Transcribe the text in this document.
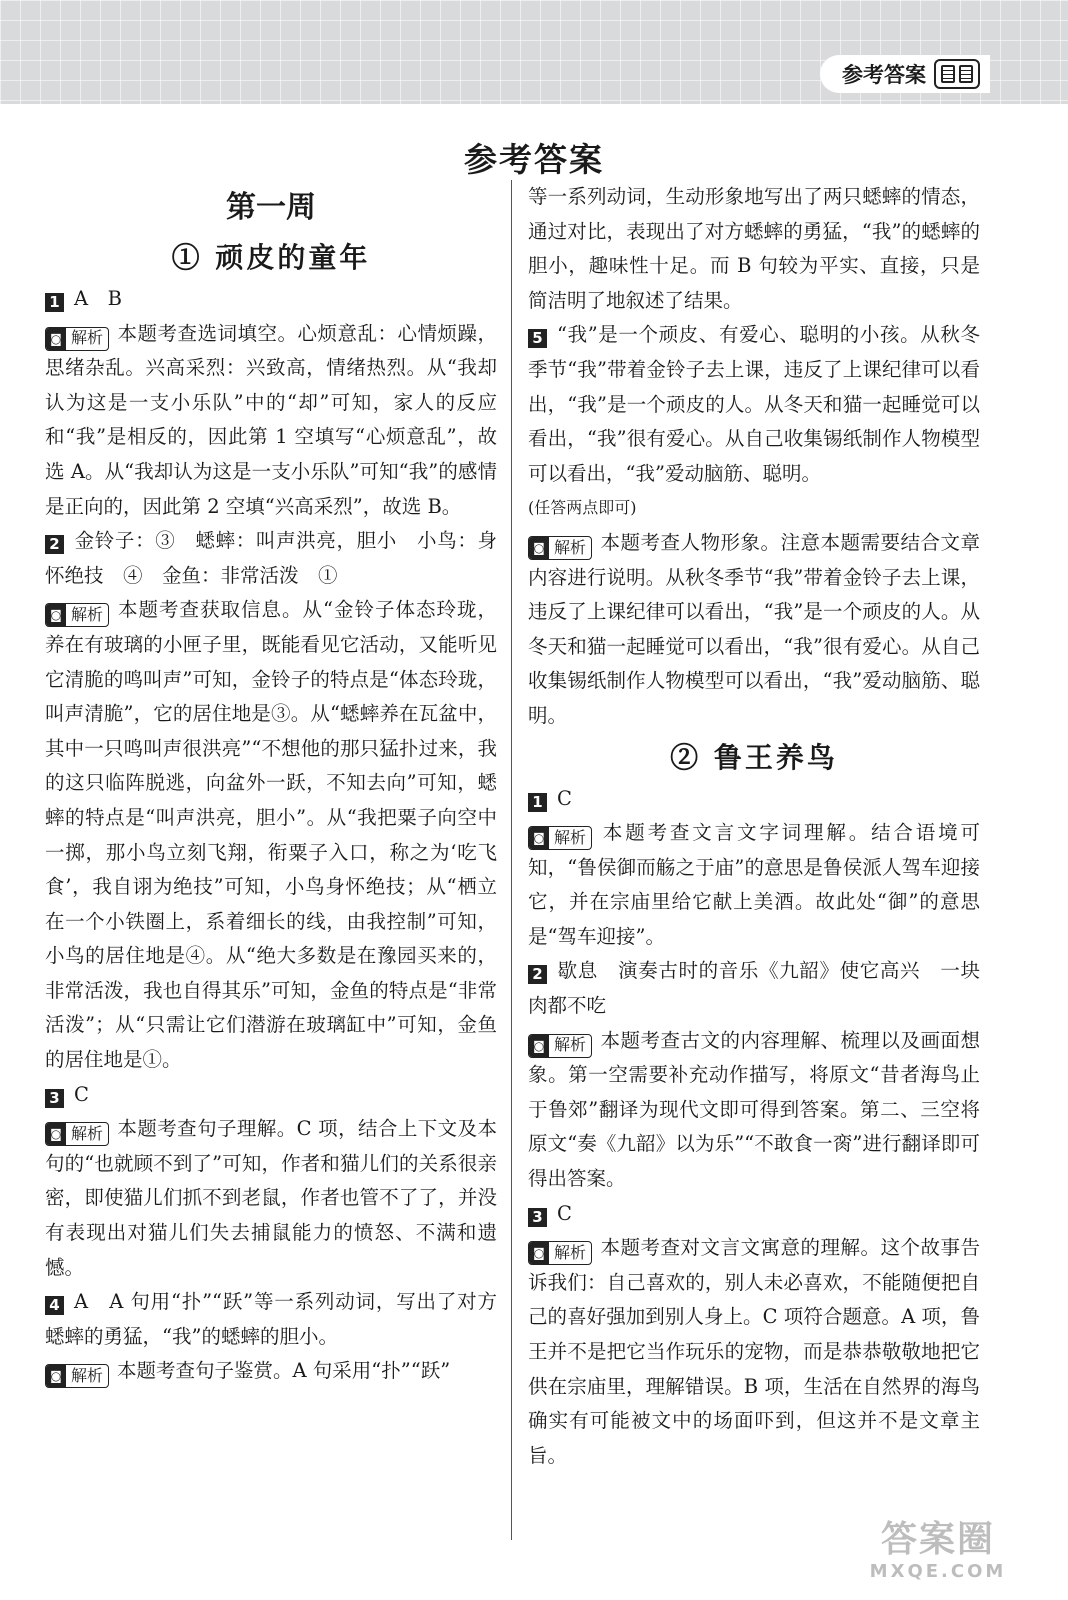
参考答案
参考答案
第一周
① 顽皮的童年

1 A　B

◙ 解析 本题考查选词填空。心烦意乱：心情烦躁，思绪杂乱。兴高采烈：兴致高，情绪热烈。从“我却认为这是一支小乐队”中的“却”可知，家人的反应和“我”是相反的，因此第 1 空填写“心烦意乱”，故选 A。从“我却认为这是一支小乐队”可知“我”的感情是正向的，因此第 2 空填“兴高采烈”，故选 B。

2 金铃子：③　蟋蟀：叫声洪亮，胆小　小鸟：身怀绝技　④　金鱼：非常活泼　①

◙ 解析 本题考查获取信息。从“金铃子体态玲珑，养在有玻璃的小匣子里，既能看见它活动，又能听见它清脆的鸣叫声”可知，金铃子的特点是“体态玲珑，叫声清脆”，它的居住地是③。从“蟋蟀养在瓦盆中，其中一只鸣叫声很洪亮”“不想他的那只猛扑过来，我的这只临阵脱逃，向盆外一跃，不知去向”可知，蟋蟀的特点是“叫声洪亮，胆小”。从“我把粟子向空中一掷，那小鸟立刻飞翔，衔粟子入口，称之为‘吃飞食’，我自诩为绝技”可知，小鸟身怀绝技；从“栖立在一个小铁圈上，系着细长的线，由我控制”可知，小鸟的居住地是④。从“绝大多数是在豫园买来的，非常活泼，我也自得其乐”可知，金鱼的特点是“非常活泼”；从“只需让它们潜游在玻璃缸中”可知，金鱼的居住地是①。

3 C

◙ 解析 本题考查句子理解。C 项，结合上下文及本句的“也就顾不到了”可知，作者和猫儿们的关系很亲密，即使猫儿们抓不到老鼠，作者也管不了了，并没有表现出对猫儿们失去捕鼠能力的愤怒、不满和遗憾。

4 A　A 句用“扑”“跃”等一系列动词，写出了对方蟋蟀的勇猛，“我”的蟋蟀的胆小。

◙ 解析 本题考查句子鉴赏。A 句采用“扑”“跃”

等一系列动词，生动形象地写出了两只蟋蟀的情态，通过对比，表现出了对方蟋蟀的勇猛，“我”的蟋蟀的胆小，趣味性十足。而 B 句较为平实、直接，只是简洁明了地叙述了结果。

5 “我”是一个顽皮、有爱心、聪明的小孩。从秋冬季节“我”带着金铃子去上课，违反了上课纪律可以看出，“我”是一个顽皮的人。从冬天和猫一起睡觉可以看出，“我”很有爱心。从自己收集锡纸制作人物模型可以看出，“我”爱动脑筋、聪明。

(任答两点即可)

◙ 解析 本题考查人物形象。注意本题需要结合文章内容进行说明。从秋冬季节“我”带着金铃子去上课，违反了上课纪律可以看出，“我”是一个顽皮的人。从冬天和猫一起睡觉可以看出，“我”很有爱心。从自己收集锡纸制作人物模型可以看出，“我”爱动脑筋、聪明。

② 鲁王养鸟

1 C

◙ 解析 本题考查文言文字词理解。结合语境可知，“鲁侯御而觞之于庙”的意思是鲁侯派人驾车迎接它，并在宗庙里给它献上美酒。故此处“御”的意思是“驾车迎接”。

2 歇息　演奏古时的音乐《九韶》使它高兴　一块肉都不吃

◙ 解析 本题考查古文的内容理解、梳理以及画面想象。第一空需要补充动作描写，将原文“昔者海鸟止于鲁郊”翻译为现代文即可得到答案。第二、三空将原文“奏《九韶》以为乐”“不敢食一脔”进行翻译即可得出答案。

3 C

◙ 解析 本题考查对文言文寓意的理解。这个故事告诉我们：自己喜欢的，别人未必喜欢，不能随便把自己的喜好强加到别人身上。C 项符合题意。A 项，鲁王并不是把它当作玩乐的宠物，而是恭恭敬敬地把它供在宗庙里，理解错误。B 项，生活在自然界的海鸟确实有可能被文中的场面吓到，但这并不是文章主旨。

答案圈
MXQE.COM
